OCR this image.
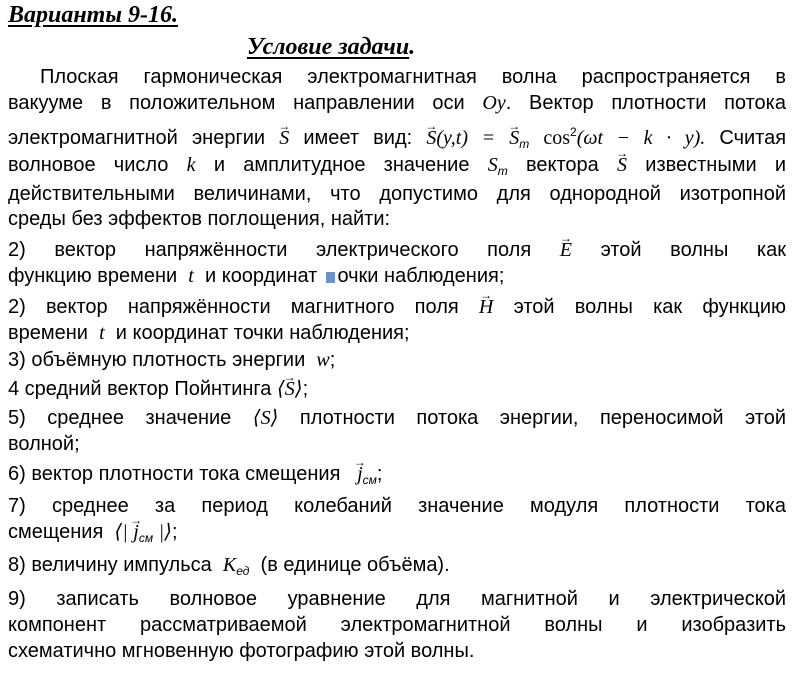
Варианты 9-16.
Условие задачи.
Плоская гармоническая электромагнитная волна распространяется в
вакууме в положительном направлении оси Oy. Вектор плотности потока
электромагнитной энергии S → имеет вид: $S \to(y,t) = S \to_m$ $\cos^2(\omega t - k \cdot y)$. Считая
волновое число k и амплитудное значение $S_m$ вектора S → известными и
действительными величинами, что допустимо для однородной изотропной
среды без эффектов поглощения, найти:
2) вектор напряжённости электрического поля E → этой волны как
функцию времени t и координат очки наблюдения;
2) вектор напряжённости магнитного поля H → этой волны как функцию
времени t и координат точки наблюдения;
3) объёмную плотность энергии w;
4 средний вектор Пойнтинга ⟨S →⟩;
5) среднее значение ⟨S⟩ плотности потока энергии, переносимой этой
волной;
6) вектор плотности тока смещения $j \to_{см}$;
7) среднее за период колебаний значение модуля плотности тока
смещения ⟨| $j \to_{см}$ |⟩;
8) величину импульса $K_{ед}$ (в единице объёма).
9) записать волновое уравнение для магнитной и электрической
компонент рассматриваемой электромагнитной волны и изобразить
схематично мгновенную фотографию этой волны.
